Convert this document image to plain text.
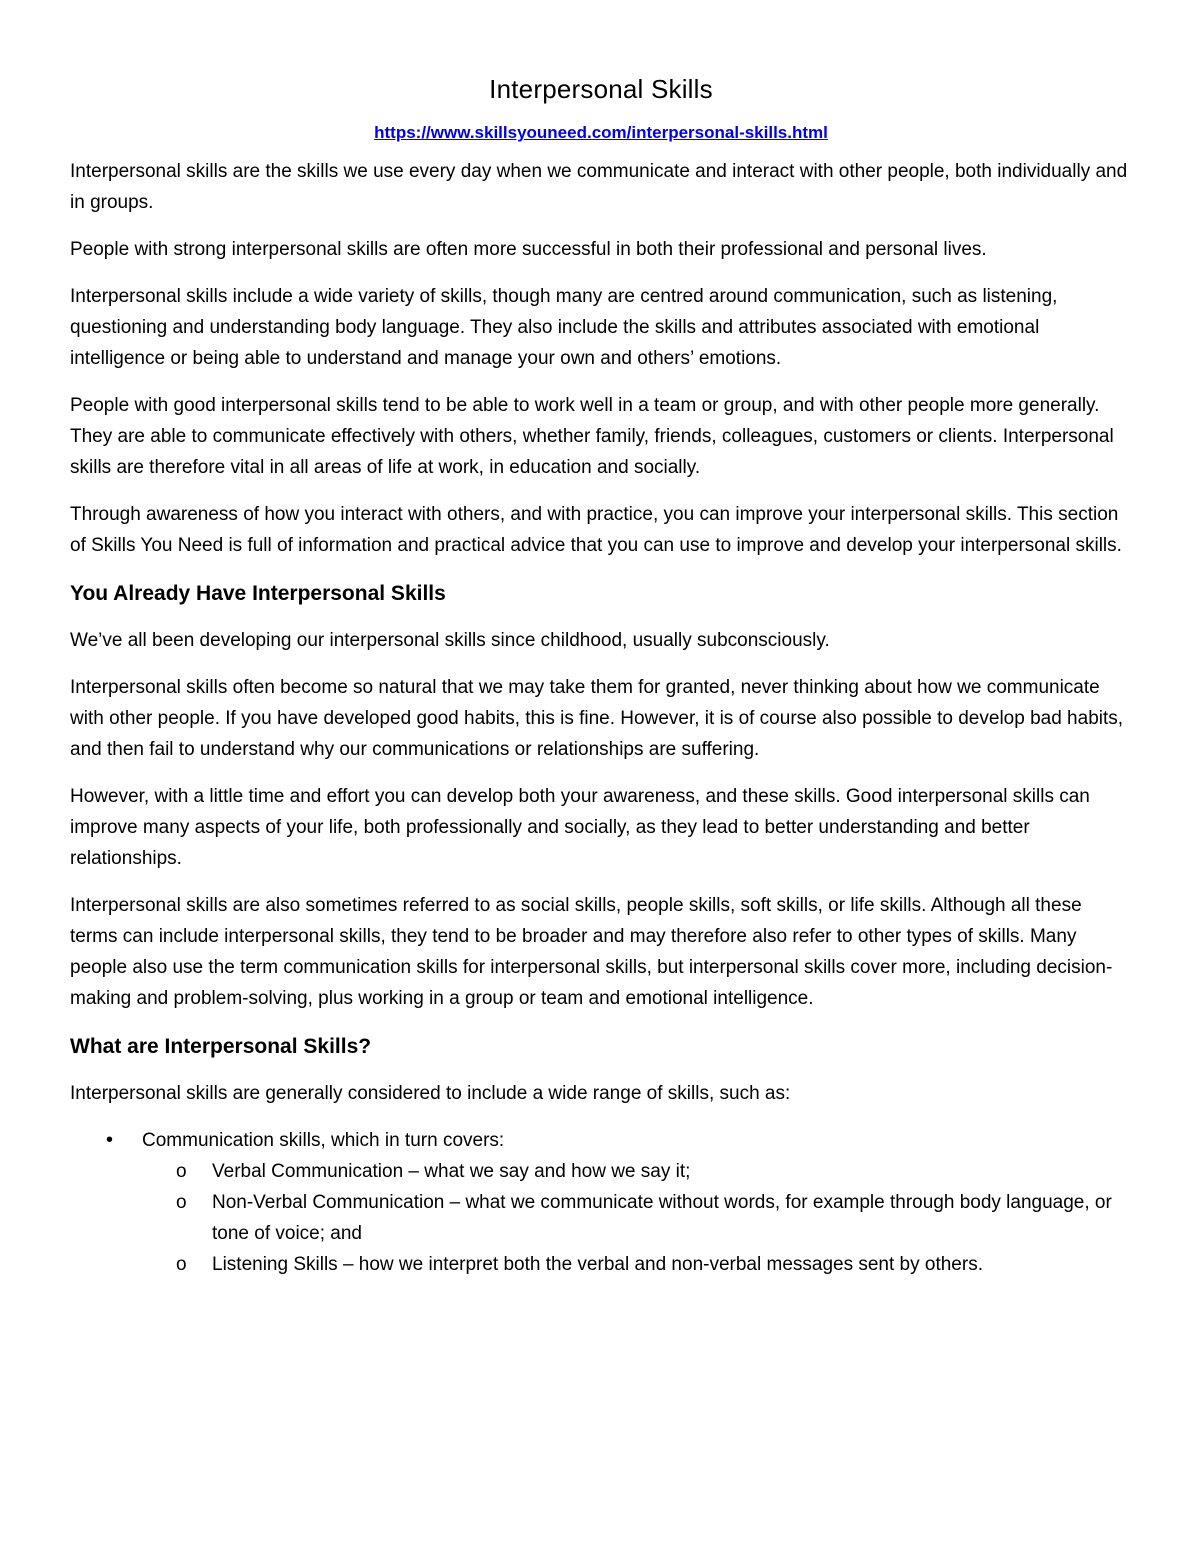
Interpersonal Skills
https://www.skillsyouneed.com/interpersonal-skills.html

Interpersonal skills are the skills we use every day when we communicate and interact with other people, both individually and in groups.

People with strong interpersonal skills are often more successful in both their professional and personal lives.

Interpersonal skills include a wide variety of skills, though many are centred around communication, such as listening, questioning and understanding body language. They also include the skills and attributes associated with emotional intelligence or being able to understand and manage your own and others’ emotions.

People with good interpersonal skills tend to be able to work well in a team or group, and with other people more generally. They are able to communicate effectively with others, whether family, friends, colleagues, customers or clients. Interpersonal skills are therefore vital in all areas of life at work, in education and socially.

Through awareness of how you interact with others, and with practice, you can improve your interpersonal skills. This section of Skills You Need is full of information and practical advice that you can use to improve and develop your interpersonal skills.

You Already Have Interpersonal Skills

We’ve all been developing our interpersonal skills since childhood, usually subconsciously.

Interpersonal skills often become so natural that we may take them for granted, never thinking about how we communicate with other people. If you have developed good habits, this is fine. However, it is of course also possible to develop bad habits, and then fail to understand why our communications or relationships are suffering.

However, with a little time and effort you can develop both your awareness, and these skills. Good interpersonal skills can improve many aspects of your life, both professionally and socially, as they lead to better understanding and better relationships.

Interpersonal skills are also sometimes referred to as social skills, people skills, soft skills, or life skills. Although all these terms can include interpersonal skills, they tend to be broader and may therefore also refer to other types of skills. Many people also use the term communication skills for interpersonal skills, but interpersonal skills cover more, including decision-making and problem-solving, plus working in a group or team and emotional intelligence.

What are Interpersonal Skills?

Interpersonal skills are generally considered to include a wide range of skills, such as:

• Communication skills, which in turn covers:
o Verbal Communication – what we say and how we say it;
o Non-Verbal Communication – what we communicate without words, for example through body language, or tone of voice; and
o Listening Skills – how we interpret both the verbal and non-verbal messages sent by others.
